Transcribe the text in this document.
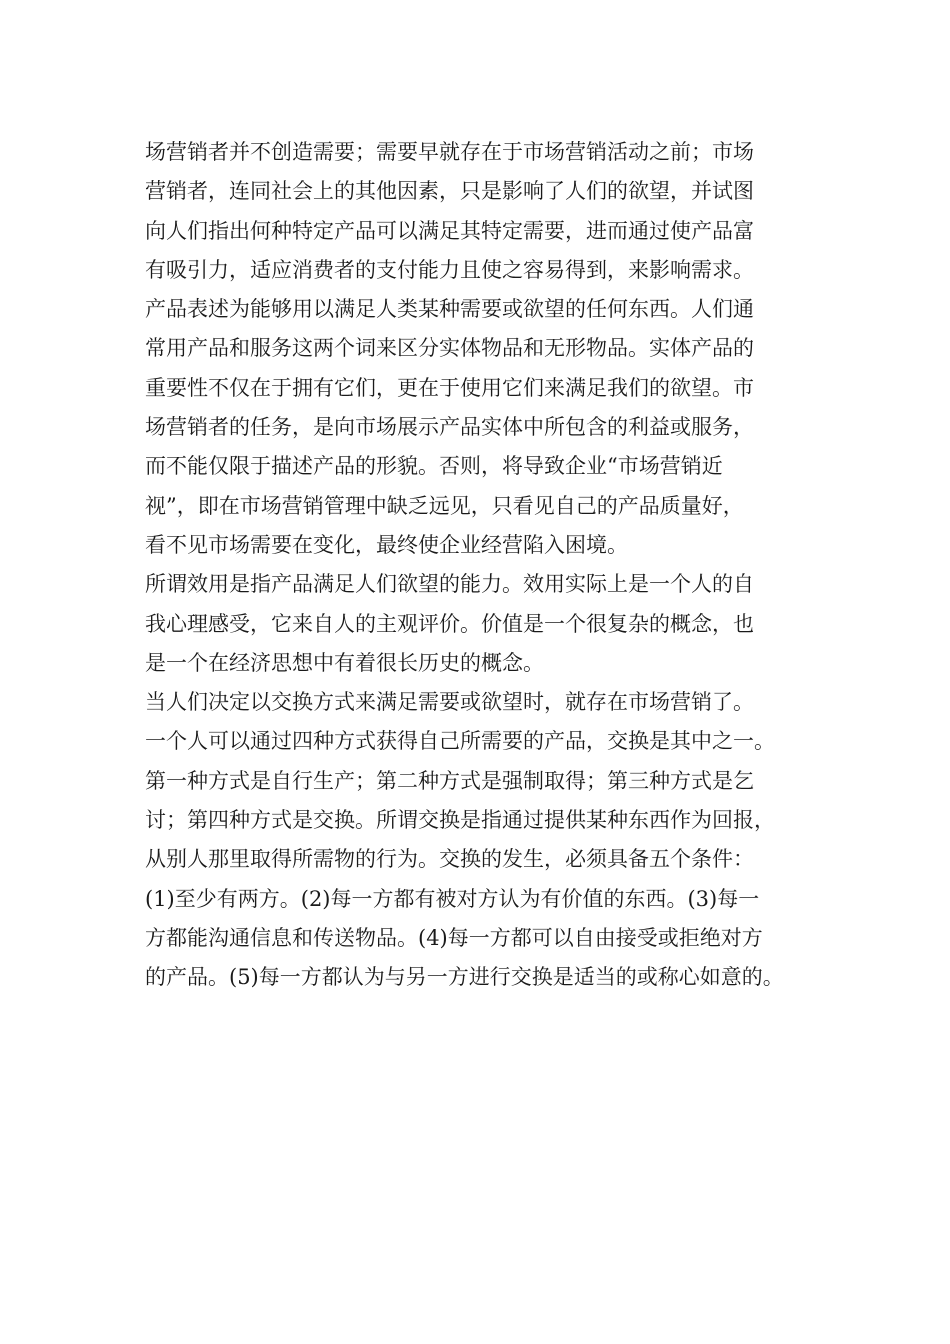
场营销者并不创造需要；需要早就存在于市场营销活动之前；市场
营销者，连同社会上的其他因素，只是影响了人们的欲望，并试图
向人们指出何种特定产品可以满足其特定需要，进而通过使产品富
有吸引力，适应消费者的支付能力且使之容易得到，来影响需求。
产品表述为能够用以满足人类某种需要或欲望的任何东西。人们通
常用产品和服务这两个词来区分实体物品和无形物品。实体产品的
重要性不仅在于拥有它们，更在于使用它们来满足我们的欲望。市
场营销者的任务，是向市场展示产品实体中所包含的利益或服务，
而不能仅限于描述产品的形貌。否则，将导致企业“市场营销近
视”，即在市场营销管理中缺乏远见，只看见自己的产品质量好，
看不见市场需要在变化，最终使企业经营陷入困境。
所谓效用是指产品满足人们欲望的能力。效用实际上是一个人的自
我心理感受，它来自人的主观评价。价值是一个很复杂的概念，也
是一个在经济思想中有着很长历史的概念。
当人们决定以交换方式来满足需要或欲望时，就存在市场营销了。
一个人可以通过四种方式获得自己所需要的产品，交换是其中之一。
第一种方式是自行生产；第二种方式是强制取得；第三种方式是乞
讨；第四种方式是交换。所谓交换是指通过提供某种东西作为回报，
从别人那里取得所需物的行为。交换的发生，必须具备五个条件：
(1)至少有两方。(2)每一方都有被对方认为有价值的东西。(3)每一
方都能沟通信息和传送物品。(4)每一方都可以自由接受或拒绝对方
的产品。(5)每一方都认为与另一方进行交换是适当的或称心如意的。
